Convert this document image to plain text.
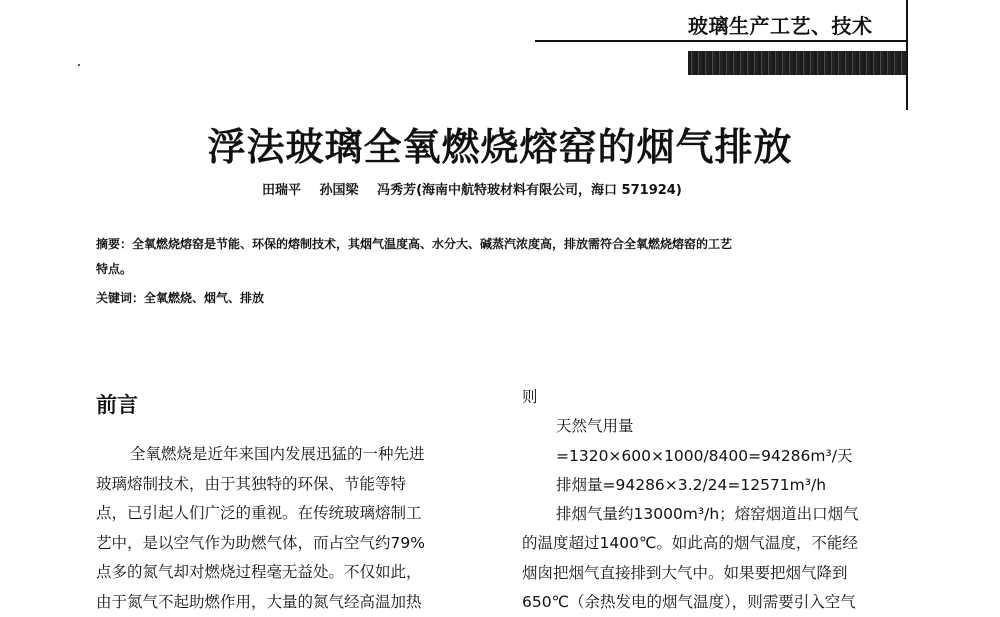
玻璃生产工艺、技术
浮法玻璃全氧燃烧熔窑的烟气排放
田瑞平 孙国梁 冯秀芳(海南中航特玻材料有限公司，海口 571924)
摘要：全氧燃烧熔窑是节能、环保的熔制技术，其烟气温度高、水分大、碱蒸汽浓度高，排放需符合全氧燃烧熔窑的工艺
特点。
关键词：全氧燃烧、烟气、排放
前言
全氧燃烧是近年来国内发展迅猛的一种先进
玻璃熔制技术，由于其独特的环保、节能等特
点，已引起人们广泛的重视。在传统玻璃熔制工
艺中，是以空气作为助燃气体，而占空气约79%
点多的氮气却对燃烧过程毫无益处。不仅如此，
由于氮气不起助燃作用，大量的氮气经高温加热
则
天然气用量
=1320×600×1000/8400=94286m³/天
排烟量=94286×3.2/24=12571m³/h
排烟气量约13000m³/h；熔窑烟道出口烟气
的温度超过1400℃。如此高的烟气温度，不能经
烟囱把烟气直接排到大气中。如果要把烟气降到
650℃（余热发电的烟气温度），则需要引入空气
